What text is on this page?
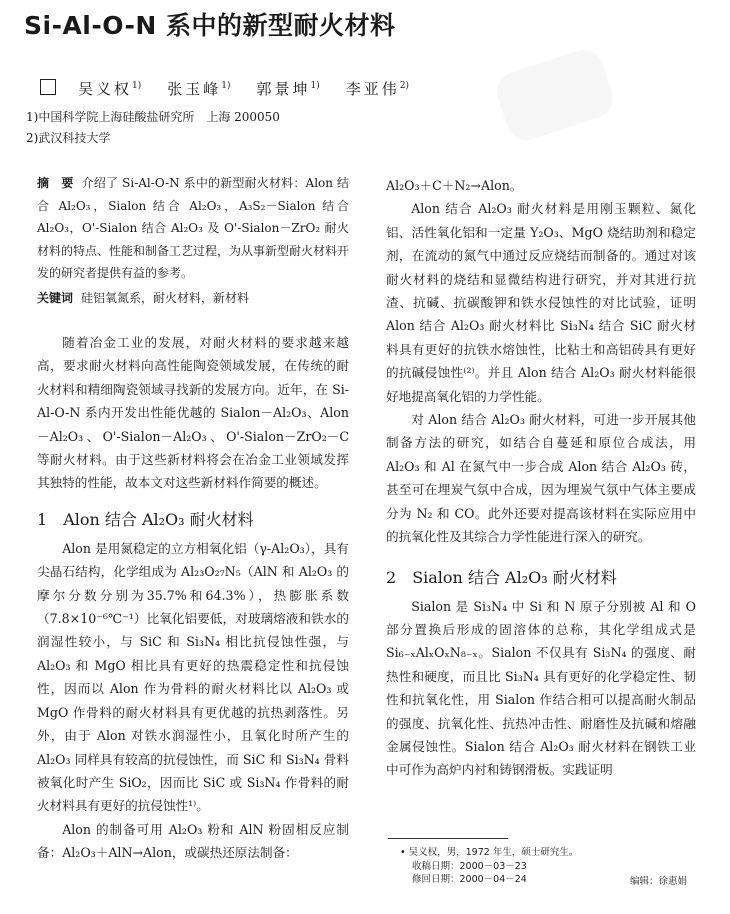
Si-Al-O-N 系中的新型耐火材料
吴义权$^{1)}$ 张玉峰$^{1)}$ 郭景坤$^{1)}$ 李亚伟$^{2)}$
1)中国科学院上海硅酸盐研究所　上海 200050
2)武汉科技大学

摘　要 介绍了 Si-Al-O-N 系中的新型耐火材料：Alon 结合 Al₂O₃，Sialon 结合 Al₂O₃，A₃S₂－Sialon 结合 Al₂O₃，O'-Sialon 结合 Al₂O₃ 及 O'-Sialon－ZrO₂ 耐火材料的特点、性能和制备工艺过程，为从事新型耐火材料开发的研究者提供有益的参考。

关键词 硅铝氧氮系，耐火材料，新材料

随着冶金工业的发展，对耐火材料的要求越来越高，要求耐火材料向高性能陶瓷领域发展，在传统的耐火材料和精细陶瓷领域寻找新的发展方向。近年，在 Si-Al-O-N 系内开发出性能优越的 Sialon－Al₂O₃、Alon－Al₂O₃、O'-Sialon－Al₂O₃、O'-Sialon－ZrO₂－C 等耐火材料。由于这些新材料将会在冶金工业领域发挥其独特的性能，故本文对这些新材料作简要的概述。

1 Alon 结合 Al₂O₃ 耐火材料

Alon 是用氮稳定的立方相氧化铝（γ-Al₂O₃），具有尖晶石结构，化学组成为 Al₂₃O₂₇N₅（AlN 和 Al₂O₃ 的摩尔分数分别为35.7%和64.3%），热膨胀系数（7.8×10⁻⁶℃⁻¹）比氧化铝要低，对玻璃熔液和铁水的润湿性较小，与 SiC 和 Si₃N₄ 相比抗侵蚀性强，与 Al₂O₃ 和 MgO 相比具有更好的热震稳定性和抗侵蚀性，因而以 Alon 作为骨料的耐火材料比以 Al₂O₃ 或 MgO 作骨料的耐火材料具有更优越的抗热剥落性。另外，由于 Alon 对铁水润湿性小，且氧化时所产生的 Al₂O₃ 同样具有较高的抗侵蚀性，而 SiC 和 Si₃N₄ 骨料被氧化时产生 SiO₂，因而比 SiC 或 Si₃N₄ 作骨料的耐火材料具有更好的抗侵蚀性¹⁾。

Alon 的制备可用 Al₂O₃ 粉和 AlN 粉固相反应制备：Al₂O₃＋AlN→Alon，或碳热还原法制备：

Al₂O₃＋C＋N₂→Alon。

Alon 结合 Al₂O₃ 耐火材料是用刚玉颗粒、氮化铝、活性氧化铝和一定量 Y₂O₃、MgO 烧结助剂和稳定剂，在流动的氮气中通过反应烧结而制备的。通过对该耐火材料的烧结和显微结构进行研究，并对其进行抗渣、抗碱、抗碳酸钾和铁水侵蚀性的对比试验，证明 Alon 结合 Al₂O₃ 耐火材料比 Si₃N₄ 结合 SiC 耐火材料具有更好的抗铁水熔蚀性，比粘土和高铝砖具有更好的抗碱侵蚀性⁽²⁾。并且 Alon 结合 Al₂O₃ 耐火材料能很好地提高氧化铝的力学性能。

对 Alon 结合 Al₂O₃ 耐火材料，可进一步开展其他制备方法的研究，如结合自蔓延和原位合成法，用 Al₂O₃ 和 Al 在氮气中一步合成 Alon 结合 Al₂O₃ 砖，甚至可在埋炭气氛中合成，因为埋炭气氛中气体主要成分为 N₂ 和 CO。此外还要对提高该材料在实际应用中的抗氧化性及其综合力学性能进行深入的研究。

2 Sialon 结合 Al₂O₃ 耐火材料

Sialon 是 Si₃N₄ 中 Si 和 N 原子分别被 Al 和 O 部分置换后形成的固溶体的总称，其化学组成式是 Si₆₋ₓAlₓOₓN₈₋ₓ。Sialon 不仅具有 Si₃N₄ 的强度、耐热性和硬度，而且比 Si₃N₄ 具有更好的化学稳定性、韧性和抗氧化性，用 Sialon 作结合相可以提高耐火制品的强度、抗氧化性、抗热冲击性、耐磨性及抗碱和熔融金属侵蚀性。Sialon 结合 Al₂O₃ 耐火材料在钢铁工业中可作为高炉内衬和铸钢滑板。实践证明

• 吴义权，男，1972 年生，硕士研究生。
收稿日期：2000－03－23
修回日期：2000－04－24	编辑：徐惠娟
